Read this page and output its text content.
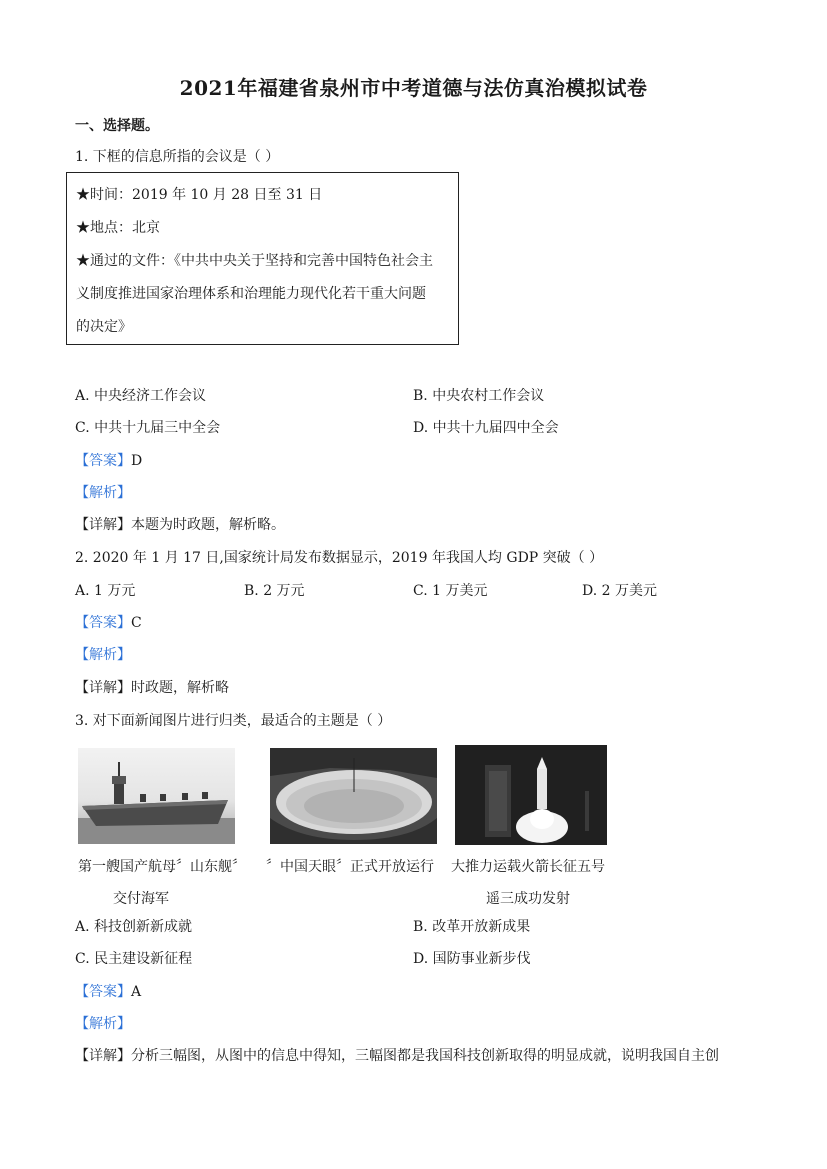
2021年福建省泉州市中考道德与法仿真治模拟试卷
一、选择题。
1. 下框的信息所指的会议是（ ）
★时间：2019 年 10 月 28 日至 31 日
★地点：北京
★通过的文件：《中共中央关于坚持和完善中国特色社会主
义制度推进国家治理体系和治理能力现代化若干重大问题
的决定》
A. 中央经济工作会议	B. 中央农村工作会议
C. 中共十九届三中全会	D. 中共十九届四中全会
【答案】D
【解析】
【详解】本题为时政题，解析略。
2. 2020 年 1 月 17 日,国家统计局发布数据显示，2019 年我国人均 GDP 突破（ ）
A. 1 万元	B. 2 万元	C. 1 万美元	D. 2 万美元
【答案】C
【解析】
【详解】时政题，解析略
3. 对下面新闻图片进行归类，最适合的主题是（ ）
第一艘国产航母〞山东舰〞
交付海军
〞中国天眼〞正式开放运行 大推力运载火箭长征五号
遥三成功发射
A. 科技创新新成就	B. 改革开放新成果
C. 民主建设新征程	D. 国防事业新步伐
【答案】A
【解析】
【详解】分析三幅图，从图中的信息中得知，三幅图都是我国科技创新取得的明显成就，说明我国自主创
